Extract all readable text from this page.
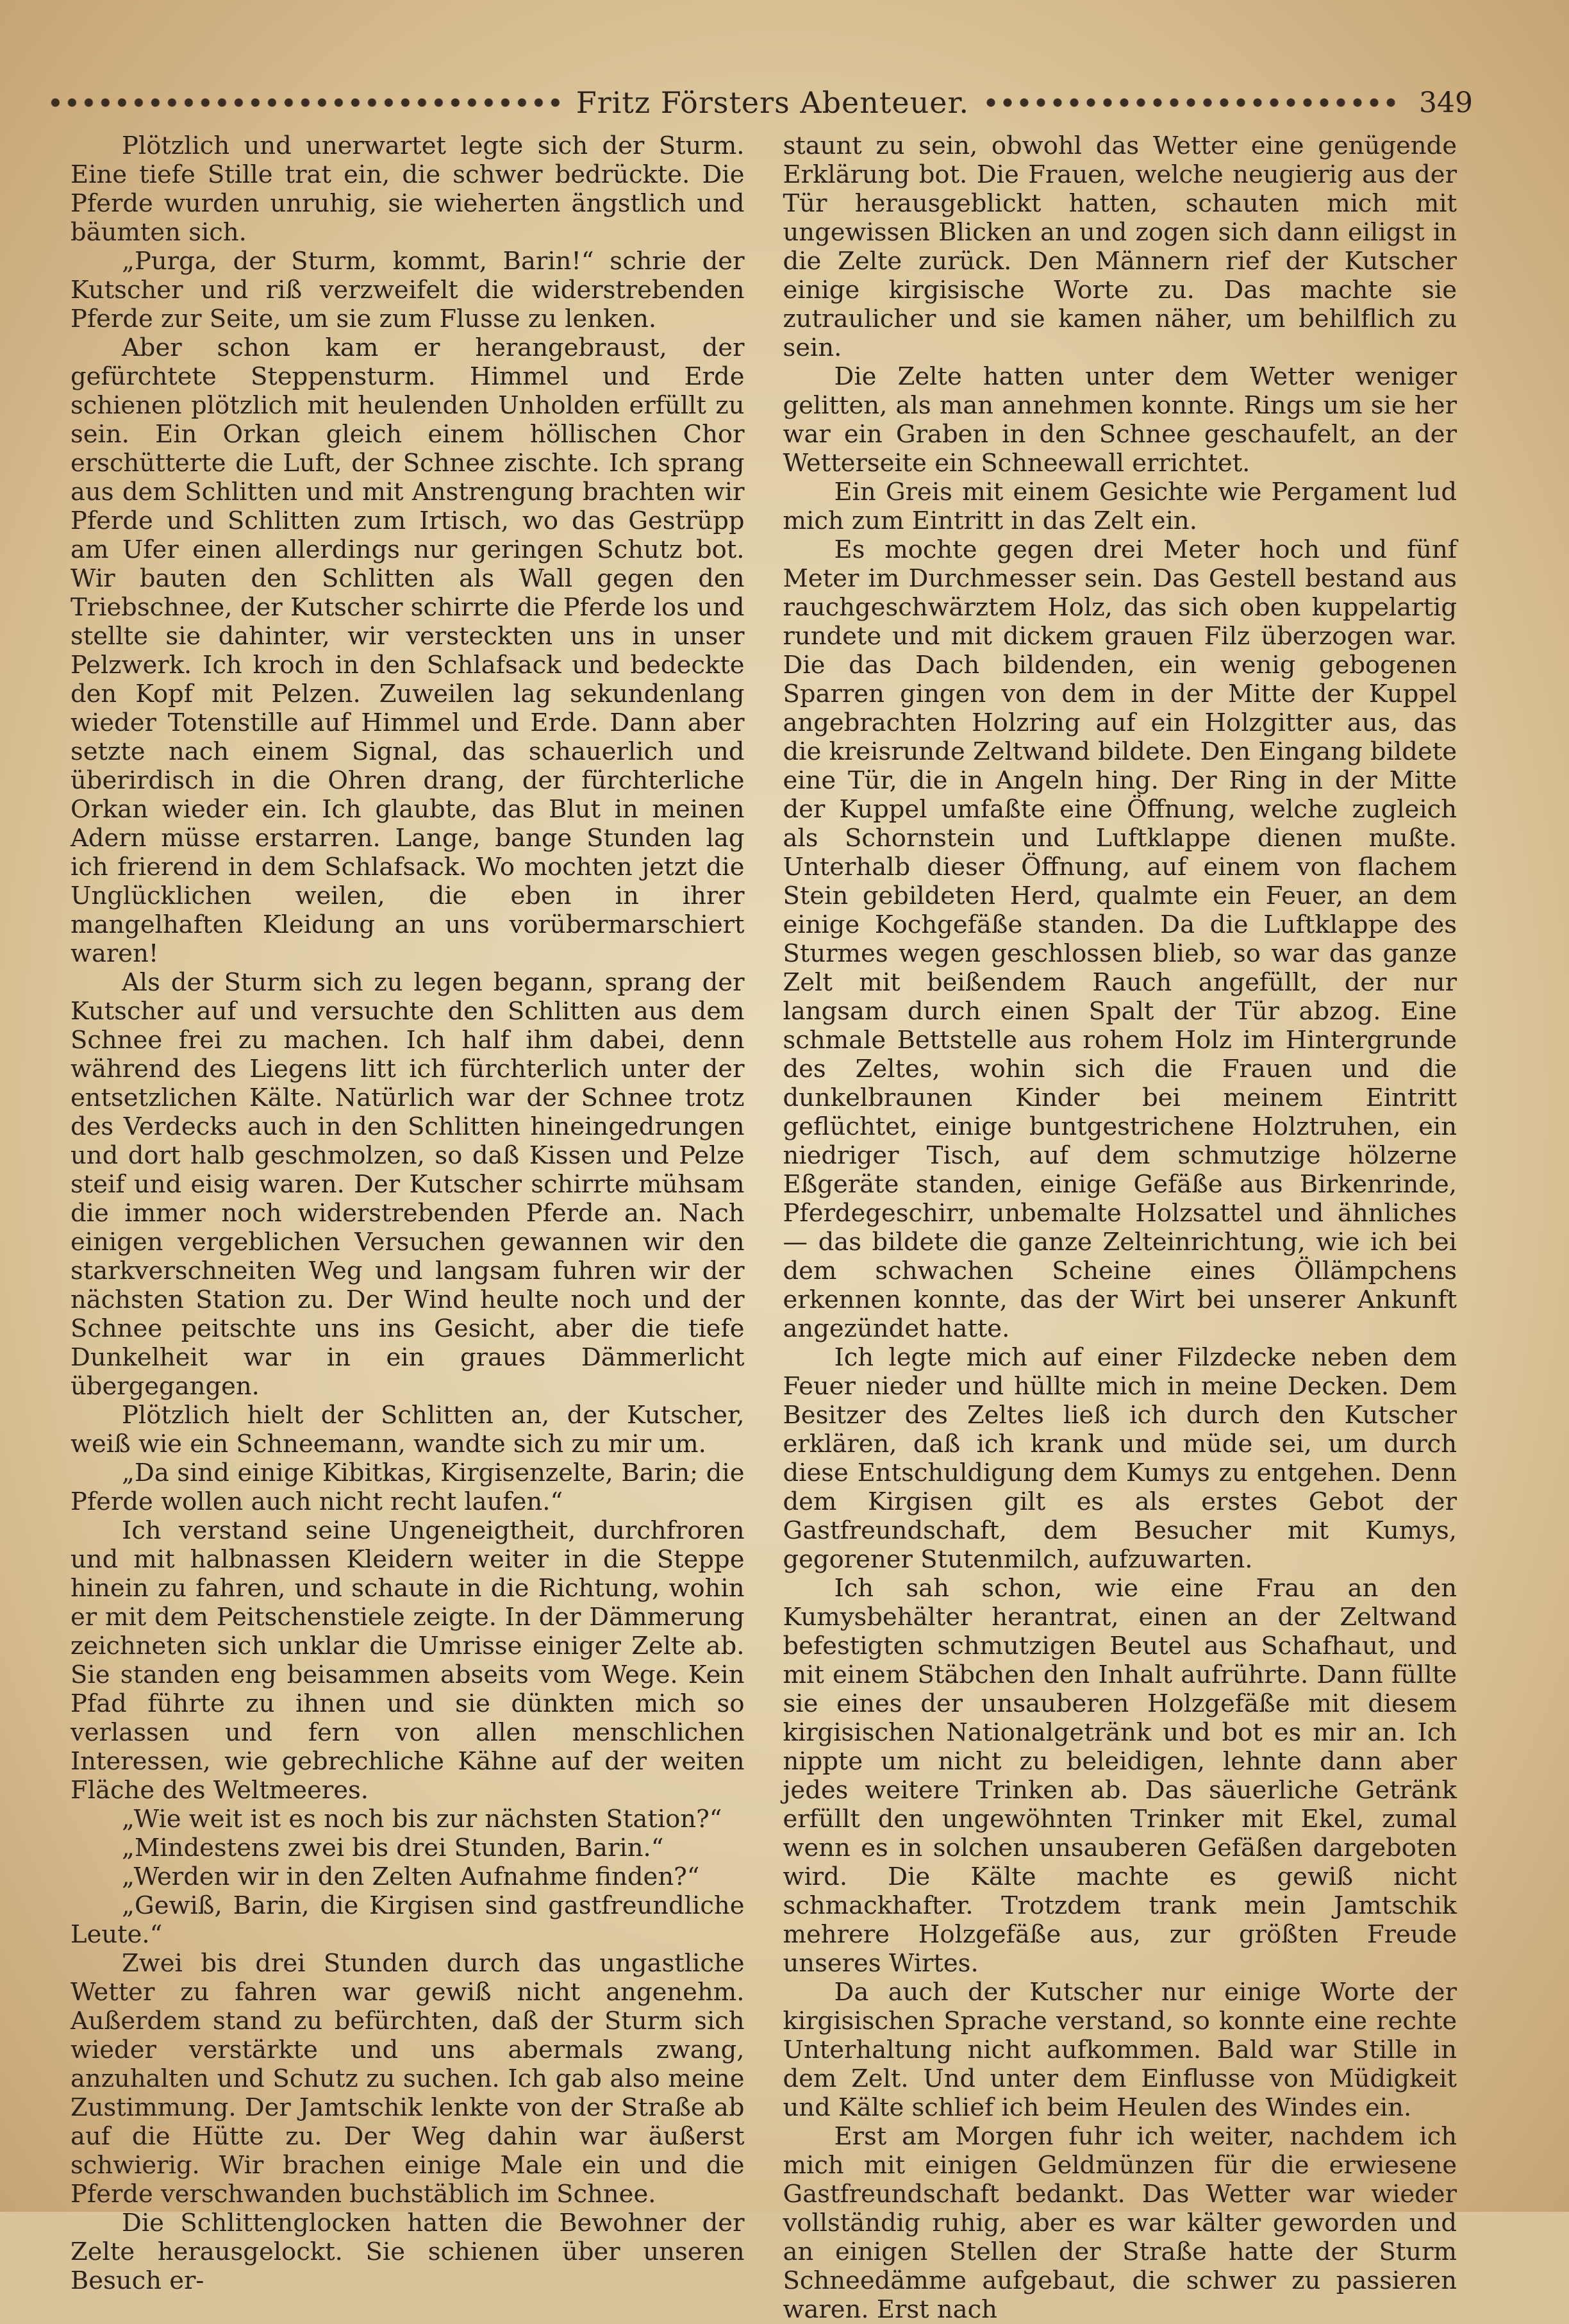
Fritz Försters Abenteuer.	349

Plötzlich und unerwartet legte sich der Sturm. Eine tiefe Stille trat ein, die schwer bedrückte. Die Pferde wurden unruhig, sie wieherten ängstlich und bäumten sich.

„Purga, der Sturm, kommt, Barin!“ schrie der Kutscher und riß verzweifelt die widerstrebenden Pferde zur Seite, um sie zum Flusse zu lenken.

Aber schon kam er herangebraust, der gefürchtete Steppensturm. Himmel und Erde schienen plötzlich mit heulenden Unholden erfüllt zu sein. Ein Orkan gleich einem höllischen Chor erschütterte die Luft, der Schnee zischte. Ich sprang aus dem Schlitten und mit Anstrengung brachten wir Pferde und Schlitten zum Irtisch, wo das Gestrüpp am Ufer einen allerdings nur geringen Schutz bot. Wir bauten den Schlitten als Wall gegen den Triebschnee, der Kutscher schirrte die Pferde los und stellte sie dahinter, wir versteckten uns in unser Pelzwerk. Ich kroch in den Schlafsack und bedeckte den Kopf mit Pelzen. Zuweilen lag sekundenlang wieder Totenstille auf Himmel und Erde. Dann aber setzte nach einem Signal, das schauerlich und überirdisch in die Ohren drang, der fürchterliche Orkan wieder ein. Ich glaubte, das Blut in meinen Adern müsse erstarren. Lange, bange Stunden lag ich frierend in dem Schlafsack. Wo mochten jetzt die Unglücklichen weilen, die eben in ihrer mangelhaften Kleidung an uns vorübermarschiert waren!

Als der Sturm sich zu legen begann, sprang der Kutscher auf und versuchte den Schlitten aus dem Schnee frei zu machen. Ich half ihm dabei, denn während des Liegens litt ich fürchterlich unter der entsetzlichen Kälte. Natürlich war der Schnee trotz des Verdecks auch in den Schlitten hineingedrungen und dort halb geschmolzen, so daß Kissen und Pelze steif und eisig waren. Der Kutscher schirrte mühsam die immer noch widerstrebenden Pferde an. Nach einigen vergeblichen Versuchen gewannen wir den starkverschneiten Weg und langsam fuhren wir der nächsten Station zu. Der Wind heulte noch und der Schnee peitschte uns ins Gesicht, aber die tiefe Dunkelheit war in ein graues Dämmerlicht übergegangen.

Plötzlich hielt der Schlitten an, der Kutscher, weiß wie ein Schneemann, wandte sich zu mir um.

„Da sind einige Kibitkas, Kirgisenzelte, Barin; die Pferde wollen auch nicht recht laufen.“

Ich verstand seine Ungeneigtheit, durchfroren und mit halbnassen Kleidern weiter in die Steppe hinein zu fahren, und schaute in die Richtung, wohin er mit dem Peitschenstiele zeigte. In der Dämmerung zeichneten sich unklar die Umrisse einiger Zelte ab. Sie standen eng beisammen abseits vom Wege. Kein Pfad führte zu ihnen und sie dünkten mich so verlassen und fern von allen menschlichen Interessen, wie gebrechliche Kähne auf der weiten Fläche des Weltmeeres.

„Wie weit ist es noch bis zur nächsten Station?“

„Mindestens zwei bis drei Stunden, Barin.“

„Werden wir in den Zelten Aufnahme finden?“

„Gewiß, Barin, die Kirgisen sind gastfreundliche Leute.“

Zwei bis drei Stunden durch das ungastliche Wetter zu fahren war gewiß nicht angenehm. Außerdem stand zu befürchten, daß der Sturm sich wieder verstärkte und uns abermals zwang, anzuhalten und Schutz zu suchen. Ich gab also meine Zustimmung. Der Jamtschik lenkte von der Straße ab auf die Hütte zu. Der Weg dahin war äußerst schwierig. Wir brachen einige Male ein und die Pferde verschwanden buchstäblich im Schnee.

Die Schlittenglocken hatten die Bewohner der Zelte herausgelockt. Sie schienen über unseren Besuch er-

staunt zu sein, obwohl das Wetter eine genügende Erklärung bot. Die Frauen, welche neugierig aus der Tür herausgeblickt hatten, schauten mich mit ungewissen Blicken an und zogen sich dann eiligst in die Zelte zurück. Den Männern rief der Kutscher einige kirgisische Worte zu. Das machte sie zutraulicher und sie kamen näher, um behilflich zu sein.

Die Zelte hatten unter dem Wetter weniger gelitten, als man annehmen konnte. Rings um sie her war ein Graben in den Schnee geschaufelt, an der Wetterseite ein Schneewall errichtet.

Ein Greis mit einem Gesichte wie Pergament lud mich zum Eintritt in das Zelt ein.

Es mochte gegen drei Meter hoch und fünf Meter im Durchmesser sein. Das Gestell bestand aus rauchgeschwärztem Holz, das sich oben kuppelartig rundete und mit dickem grauen Filz überzogen war. Die das Dach bildenden, ein wenig gebogenen Sparren gingen von dem in der Mitte der Kuppel angebrachten Holzring auf ein Holzgitter aus, das die kreisrunde Zeltwand bildete. Den Eingang bildete eine Tür, die in Angeln hing. Der Ring in der Mitte der Kuppel umfaßte eine Öffnung, welche zugleich als Schornstein und Luftklappe dienen mußte. Unterhalb dieser Öffnung, auf einem von flachem Stein gebildeten Herd, qualmte ein Feuer, an dem einige Kochgefäße standen. Da die Luftklappe des Sturmes wegen geschlossen blieb, so war das ganze Zelt mit beißendem Rauch angefüllt, der nur langsam durch einen Spalt der Tür abzog. Eine schmale Bettstelle aus rohem Holz im Hintergrunde des Zeltes, wohin sich die Frauen und die dunkelbraunen Kinder bei meinem Eintritt geflüchtet, einige buntgestrichene Holztruhen, ein niedriger Tisch, auf dem schmutzige hölzerne Eßgeräte standen, einige Gefäße aus Birkenrinde, Pferdegeschirr, unbemalte Holzsattel und ähnliches — das bildete die ganze Zelteinrichtung, wie ich bei dem schwachen Scheine eines Öllämpchens erkennen konnte, das der Wirt bei unserer Ankunft angezündet hatte.

Ich legte mich auf einer Filzdecke neben dem Feuer nieder und hüllte mich in meine Decken. Dem Besitzer des Zeltes ließ ich durch den Kutscher erklären, daß ich krank und müde sei, um durch diese Entschuldigung dem Kumys zu entgehen. Denn dem Kirgisen gilt es als erstes Gebot der Gastfreundschaft, dem Besucher mit Kumys, gegorener Stutenmilch, aufzuwarten.

Ich sah schon, wie eine Frau an den Kumysbehälter herantrat, einen an der Zeltwand befestigten schmutzigen Beutel aus Schafhaut, und mit einem Stäbchen den Inhalt aufrührte. Dann füllte sie eines der unsauberen Holzgefäße mit diesem kirgisischen Nationalgetränk und bot es mir an. Ich nippte um nicht zu beleidigen, lehnte dann aber jedes weitere Trinken ab. Das säuerliche Getränk erfüllt den ungewöhnten Trinker mit Ekel, zumal wenn es in solchen unsauberen Gefäßen dargeboten wird. Die Kälte machte es gewiß nicht schmackhafter. Trotzdem trank mein Jamtschik mehrere Holzgefäße aus, zur größten Freude unseres Wirtes.

Da auch der Kutscher nur einige Worte der kirgisischen Sprache verstand, so konnte eine rechte Unterhaltung nicht aufkommen. Bald war Stille in dem Zelt. Und unter dem Einflusse von Müdigkeit und Kälte schlief ich beim Heulen des Windes ein.

Erst am Morgen fuhr ich weiter, nachdem ich mich mit einigen Geldmünzen für die erwiesene Gastfreundschaft bedankt. Das Wetter war wieder vollständig ruhig, aber es war kälter geworden und an einigen Stellen der Straße hatte der Sturm Schneedämme aufgebaut, die schwer zu passieren waren. Erst nach
